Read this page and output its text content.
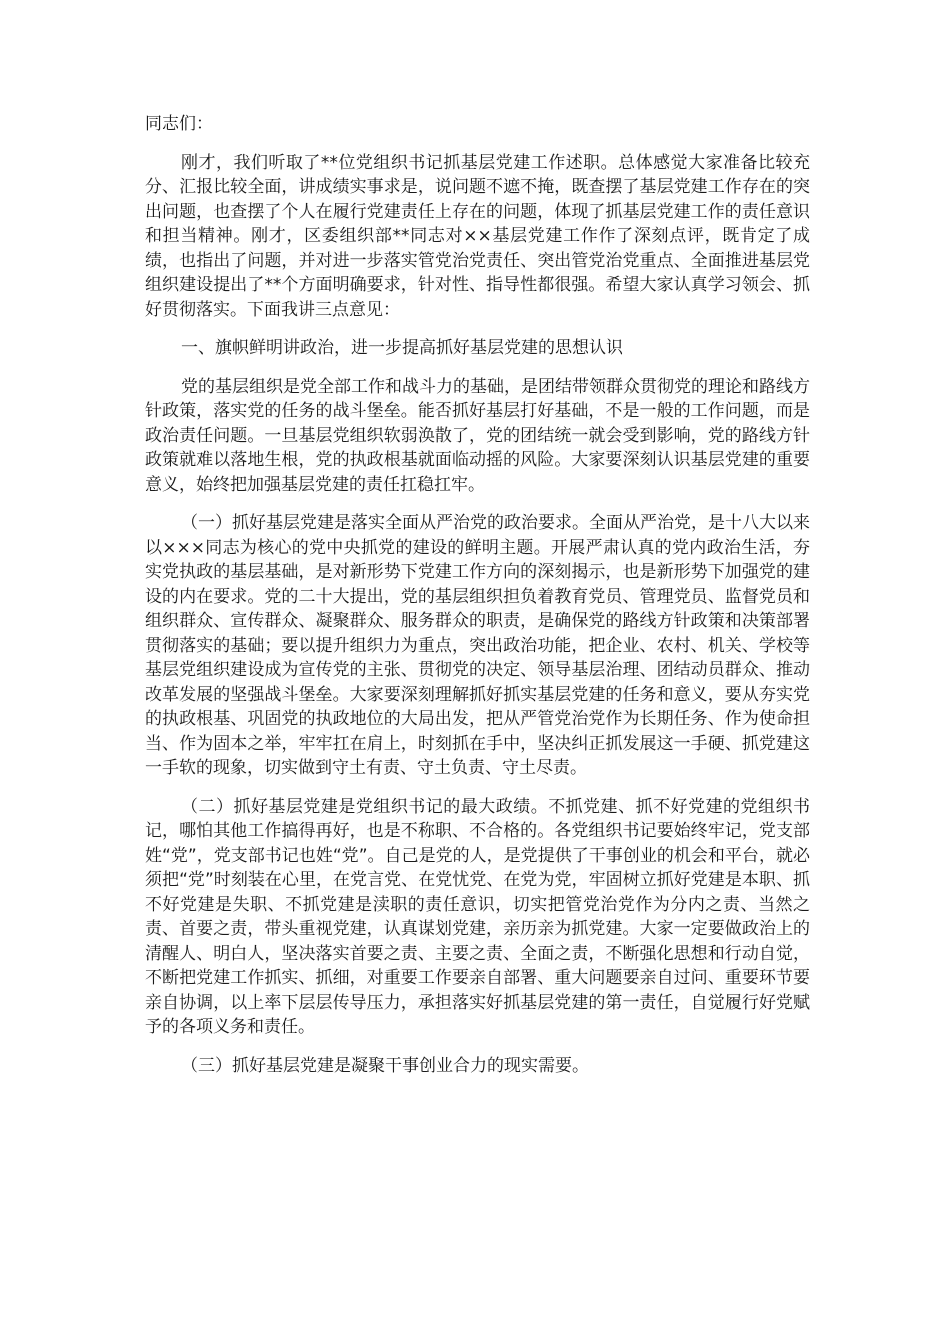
同志们：

刚才，我们听取了**位党组织书记抓基层党建工作述职。总体感觉大家准备比较充分、汇报比较全面，讲成绩实事求是，说问题不遮不掩，既查摆了基层党建工作存在的突出问题，也查摆了个人在履行党建责任上存在的问题，体现了抓基层党建工作的责任意识和担当精神。刚才，区委组织部**同志对××基层党建工作作了深刻点评，既肯定了成绩，也指出了问题，并对进一步落实管党治党责任、突出管党治党重点、全面推进基层党组织建设提出了**个方面明确要求，针对性、指导性都很强。希望大家认真学习领会、抓好贯彻落实。下面我讲三点意见：

一、旗帜鲜明讲政治，进一步提高抓好基层党建的思想认识

党的基层组织是党全部工作和战斗力的基础，是团结带领群众贯彻党的理论和路线方针政策，落实党的任务的战斗堡垒。能否抓好基层打好基础，不是一般的工作问题，而是政治责任问题。一旦基层党组织软弱涣散了，党的团结统一就会受到影响，党的路线方针政策就难以落地生根，党的执政根基就面临动摇的风险。大家要深刻认识基层党建的重要意义，始终把加强基层党建的责任扛稳扛牢。

（一）抓好基层党建是落实全面从严治党的政治要求。全面从严治党，是十八大以来以×××同志为核心的党中央抓党的建设的鲜明主题。开展严肃认真的党内政治生活，夯实党执政的基层基础，是对新形势下党建工作方向的深刻揭示，也是新形势下加强党的建设的内在要求。党的二十大提出，党的基层组织担负着教育党员、管理党员、监督党员和组织群众、宣传群众、凝聚群众、服务群众的职责，是确保党的路线方针政策和决策部署贯彻落实的基础；要以提升组织力为重点，突出政治功能，把企业、农村、机关、学校等基层党组织建设成为宣传党的主张、贯彻党的决定、领导基层治理、团结动员群众、推动改革发展的坚强战斗堡垒。大家要深刻理解抓好抓实基层党建的任务和意义，要从夯实党的执政根基、巩固党的执政地位的大局出发，把从严管党治党作为长期任务、作为使命担当、作为固本之举，牢牢扛在肩上，时刻抓在手中，坚决纠正抓发展这一手硬、抓党建这一手软的现象，切实做到守土有责、守土负责、守土尽责。

（二）抓好基层党建是党组织书记的最大政绩。不抓党建、抓不好党建的党组织书记，哪怕其他工作搞得再好，也是不称职、不合格的。各党组织书记要始终牢记，党支部姓“党”，党支部书记也姓“党”。自己是党的人，是党提供了干事创业的机会和平台，就必须把“党”时刻装在心里，在党言党、在党忧党、在党为党，牢固树立抓好党建是本职、抓不好党建是失职、不抓党建是渎职的责任意识，切实把管党治党作为分内之责、当然之责、首要之责，带头重视党建，认真谋划党建，亲历亲为抓党建。大家一定要做政治上的清醒人、明白人，坚决落实首要之责、主要之责、全面之责，不断强化思想和行动自觉，不断把党建工作抓实、抓细，对重要工作要亲自部署、重大问题要亲自过问、重要环节要亲自协调，以上率下层层传导压力，承担落实好抓基层党建的第一责任，自觉履行好党赋予的各项义务和责任。

（三）抓好基层党建是凝聚干事创业合力的现实需要。
